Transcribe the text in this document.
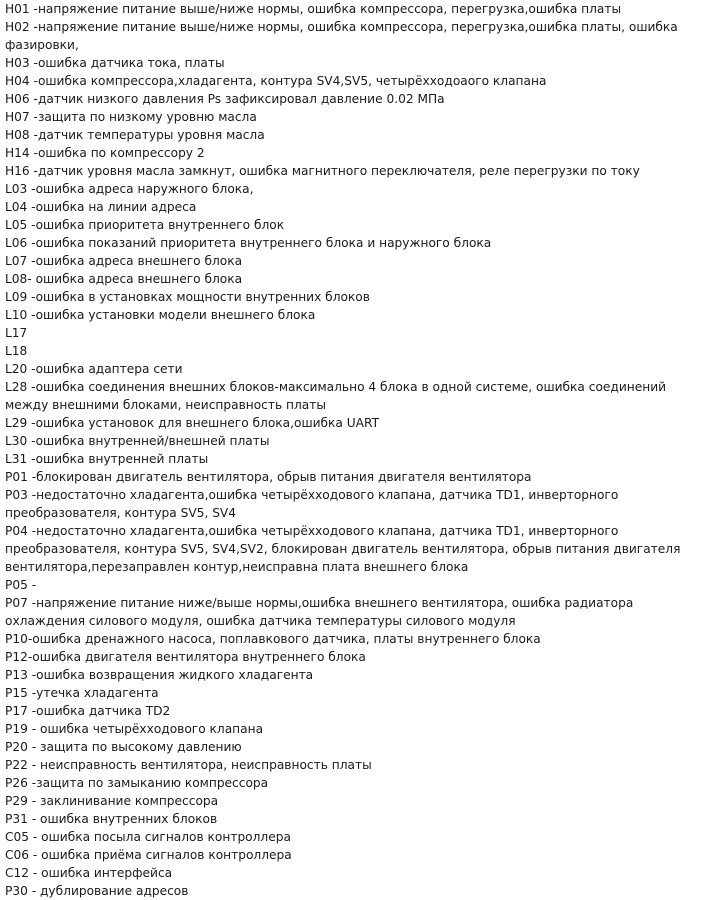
H01 -напряжение питание выше/ниже нормы, ошибка компрессора, перегрузка,ошибка платы
H02 -напряжение питание выше/ниже нормы, ошибка компрессора, перегрузка,ошибка платы, ошибка фазировки,
H03 -ошибка датчика тока, платы
H04 -ошибка компрессора,хладагента, контура SV4,SV5, четырёхходоаого клапана
H06 -датчик низкого давления Ps зафиксировал давление 0.02 МПа
H07 -защита по низкому уровню масла
H08 -датчик температуры уровня масла
H14 -ошибка по компрессору 2
H16 -датчик уровня масла замкнут, ошибка магнитного переключателя, реле перегрузки по току
L03 -ошибка адреса наружного блока,
L04 -ошибка на линии адреса
L05 -ошибка приоритета внутреннего блок
L06 -ошибка показаний приоритета внутреннего блока и наружного блока
L07 -ошибка адреса внешнего блока
L08- ошибка адреса внешнего блока
L09 -ошибка в установках мощности внутренних блоков
L10 -ошибка установки модели внешнего блока
L17
L18
L20 -ошибка адаптера сети
L28 -ошибка соединения внешних блоков-максимально 4 блока в одной системе, ошибка соединений между внешними блоками, неисправность платы
L29 -ошибка установок для внешнего блока,ошибка UART
L30 -ошибка внутренней/внешней платы
L31 -ошибка внутренней платы
P01 -блокирован двигатель вентилятора, обрыв питания двигателя вентилятора
P03 -недостаточно хладагента,ошибка четырёхходового клапана, датчика TD1, инверторного преобразователя, контура SV5, SV4
P04 -недостаточно хладагента,ошибка четырёхходового клапана, датчика TD1, инверторного преобразователя, контура SV5, SV4,SV2, блокирован двигатель вентилятора, обрыв питания двигателя вентилятора,перезаправлен контур,неисправна плата внешнего блока
P05 -
P07 -напряжение питание ниже/выше нормы,ошибка внешнего вентилятора, ошибка радиатора охлаждения силового модуля, ошибка датчика температуры силового модуля
P10-ошибка дренажного насоса, поплавкового датчика, платы внутреннего блока
P12-ошибка двигателя вентилятора внутреннего блока
P13 -ошибка возвращения жидкого хладагента
P15 -утечка хладагента
P17 -ошибка датчика TD2
P19 - ошибка четырёхходового клапана
P20 - защита по высокому давлению
P22 - неисправность вентилятора, неисправность платы
P26 -защита по замыканию компрессора
P29 - заклинивание компрессора
P31 - ошибка внутренних блоков
C05 - ошибка посыла сигналов контроллера
C06 - ошибка приёма сигналов контроллера
C12 - ошибка интерфейса
P30 - дублирование адресов
